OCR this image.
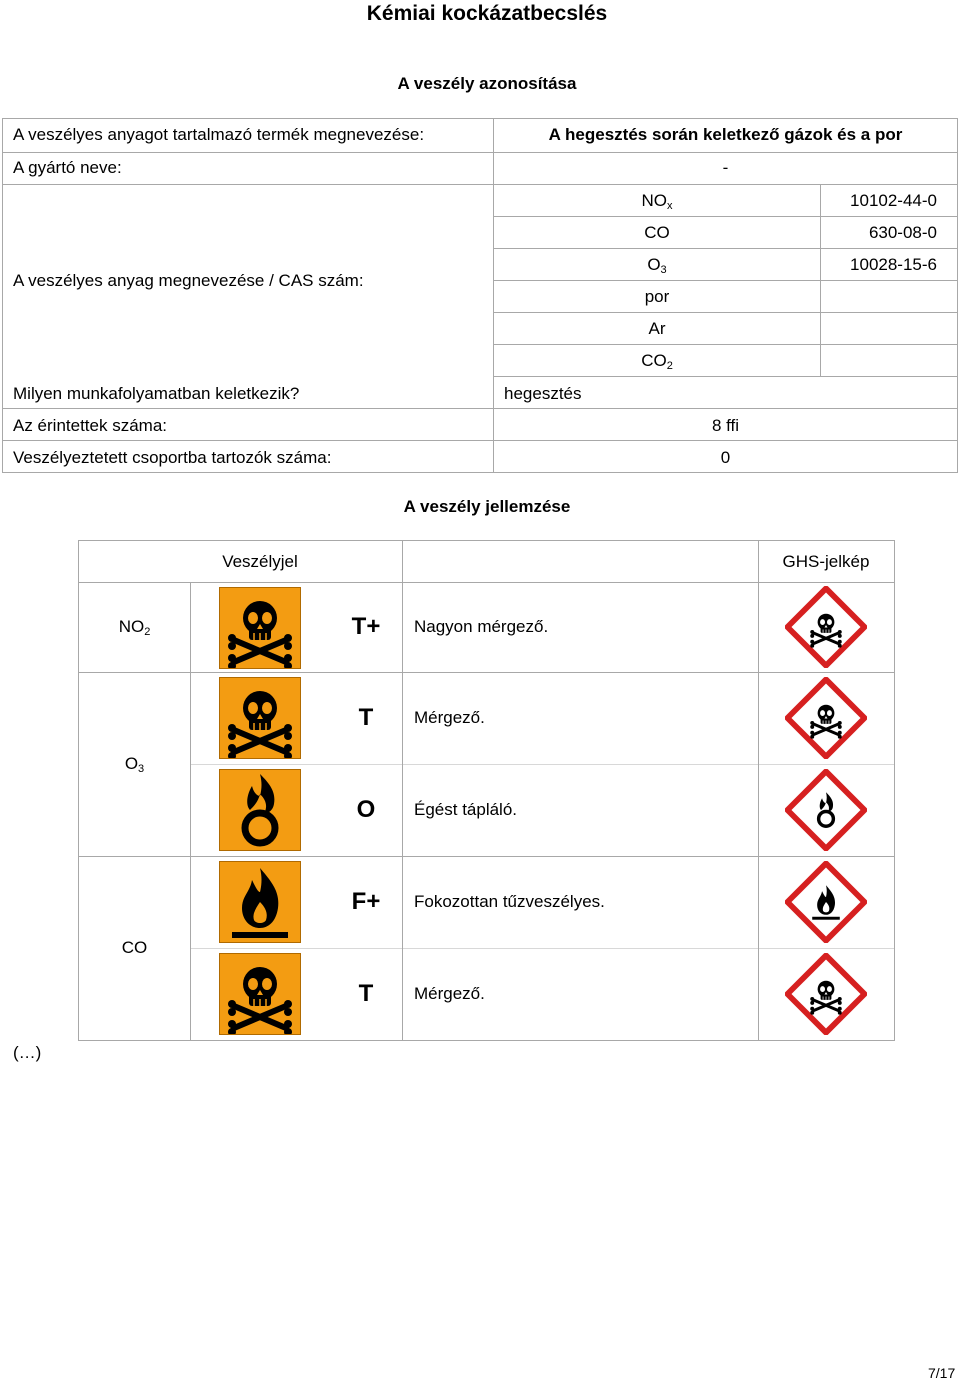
Kémiai kockázatbecslés
A veszély azonosítása
A veszélyes anyagot tartalmazó termék megnevezése:	A hegesztés során keletkező gázok és a por
A gyártó neve:	-
A veszélyes anyag megnevezése / CAS szám:
$NO_x$	10102-44-0
CO	630-08-0
$O_3$	10028-15-6
por
Ar
$CO_2$
Milyen munkafolyamatban keletkezik?	hegesztés
Az érintettek száma:	8 ffi
Veszélyeztetett csoportba tartozók száma:	0
A veszély jellemzése
Veszélyjel	GHS-jelkép
$NO_2$	T+	Nagyon mérgező.
$O_3$
T	Mérgező.
O	Égést tápláló.
CO
F+	Fokozottan tűzveszélyes.
T	Mérgező.
(…)
7/17
